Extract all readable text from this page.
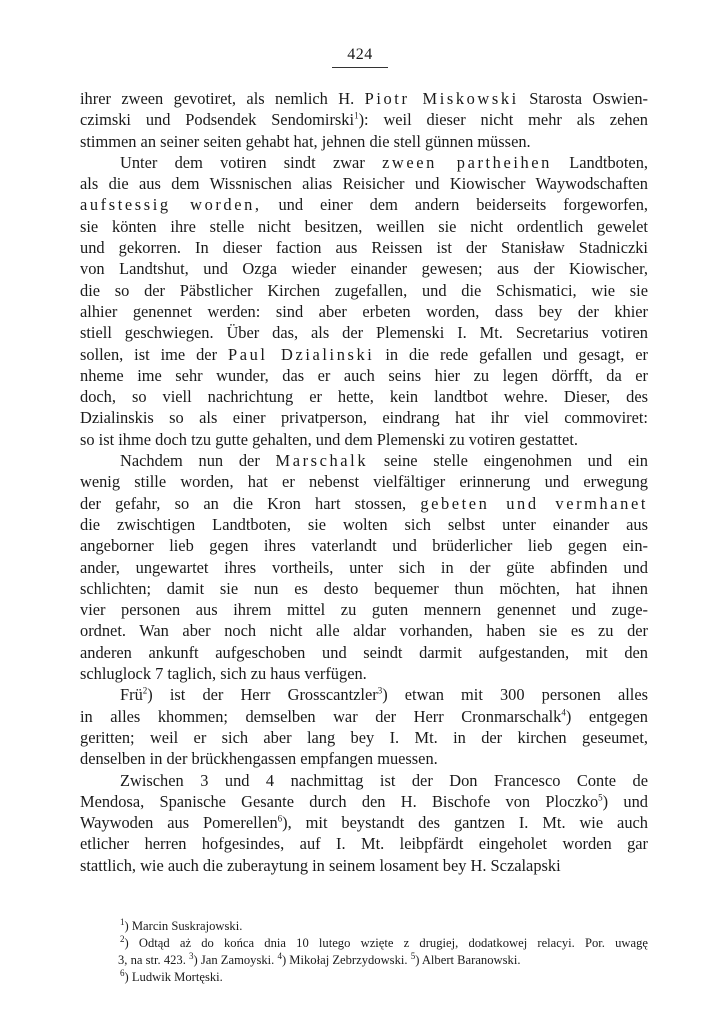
424
ihrer zween gevotiret, als nemlich H. Piotr Miskowski Starosta Oswien-
czimski und Podsendek Sendomirski$^1$): weil dieser nicht mehr als zehen
stimmen an seiner seiten gehabt hat, jehnen die stell günnen müssen.
Unter dem votiren sindt zwar zween partheihen Landtboten,
als die aus dem Wissnischen alias Reisicher und Kiowischer Waywodschaften
aufstessig worden, und einer dem andern beiderseits forgeworfen,
sie könten ihre stelle nicht besitzen, weillen sie nicht ordentlich gewelet
und gekorren. In dieser faction aus Reissen ist der Stanisław Stadniczki
von Landtshut, und Ozga wieder einander gewesen; aus der Kiowischer,
die so der Päbstlicher Kirchen zugefallen, und die Schismatici, wie sie
alhier genennet werden: sind aber erbeten worden, dass bey der khier
stiell geschwiegen. Über das, als der Plemenski I. Mt. Secretarius votiren
sollen, ist ime der Paul Dzialinski in die rede gefallen und gesagt, er
nheme ime sehr wunder, das er auch seins hier zu legen dörfft, da er
doch, so viell nachrichtung er hette, kein landtbot wehre. Dieser, des
Dzialinskis so als einer privatperson, eindrang hat ihr viel commoviret:
so ist ihme doch tzu gutte gehalten, und dem Plemenski zu votiren gestattet.
Nachdem nun der Marschalk seine stelle eingenohmen und ein
wenig stille worden, hat er nebenst vielfältiger erinnerung und erwegung
der gefahr, so an die Kron hart stossen, gebeten und vermhanet
die zwischtigen Landtboten, sie wolten sich selbst unter einander aus
angeborner lieb gegen ihres vaterlandt und brüderlicher lieb gegen ein-
ander, ungewartet ihres vortheils, unter sich in der güte abfinden und
schlichten; damit sie nun es desto bequemer thun möchten, hat ihnen
vier personen aus ihrem mittel zu guten mennern genennet und zuge-
ordnet. Wan aber noch nicht alle aldar vorhanden, haben sie es zu der
anderen ankunft aufgeschoben und seindt darmit aufgestanden, mit den
schluglock 7 taglich, sich zu haus verfügen.
Frü$^2$) ist der Herr Grosscantzler$^3$) etwan mit 300 personen alles
in alles khommen; demselben war der Herr Cronmarschalk$^4$) entgegen
geritten; weil er sich aber lang bey I. Mt. in der kirchen geseumet,
denselben in der brückhengassen empfangen muessen.
Zwischen 3 und 4 nachmittag ist der Don Francesco Conte de
Mendosa, Spanische Gesante durch den H. Bischofe von Ploczko$^5$) und
Waywoden aus Pomerellen$^6$), mit beystandt des gantzen I. Mt. wie auch
etlicher herren hofgesindes, auf I. Mt. leibpfärdt eingeholet worden gar
stattlich, wie auch die zuberaytung in seinem losament bey H. Sczalapski
$^1$) Marcin Suskrajowski.
$^2$) Odtąd aż do końca dnia 10 lutego wzięte z drugiej, dodatkowej relacyi. Por. uwagę
3, na str. 423. $^3$) Jan Zamoyski. $^4$) Mikołaj Zebrzydowski. $^5$) Albert Baranowski.
$^6$) Ludwik Mortęski.
